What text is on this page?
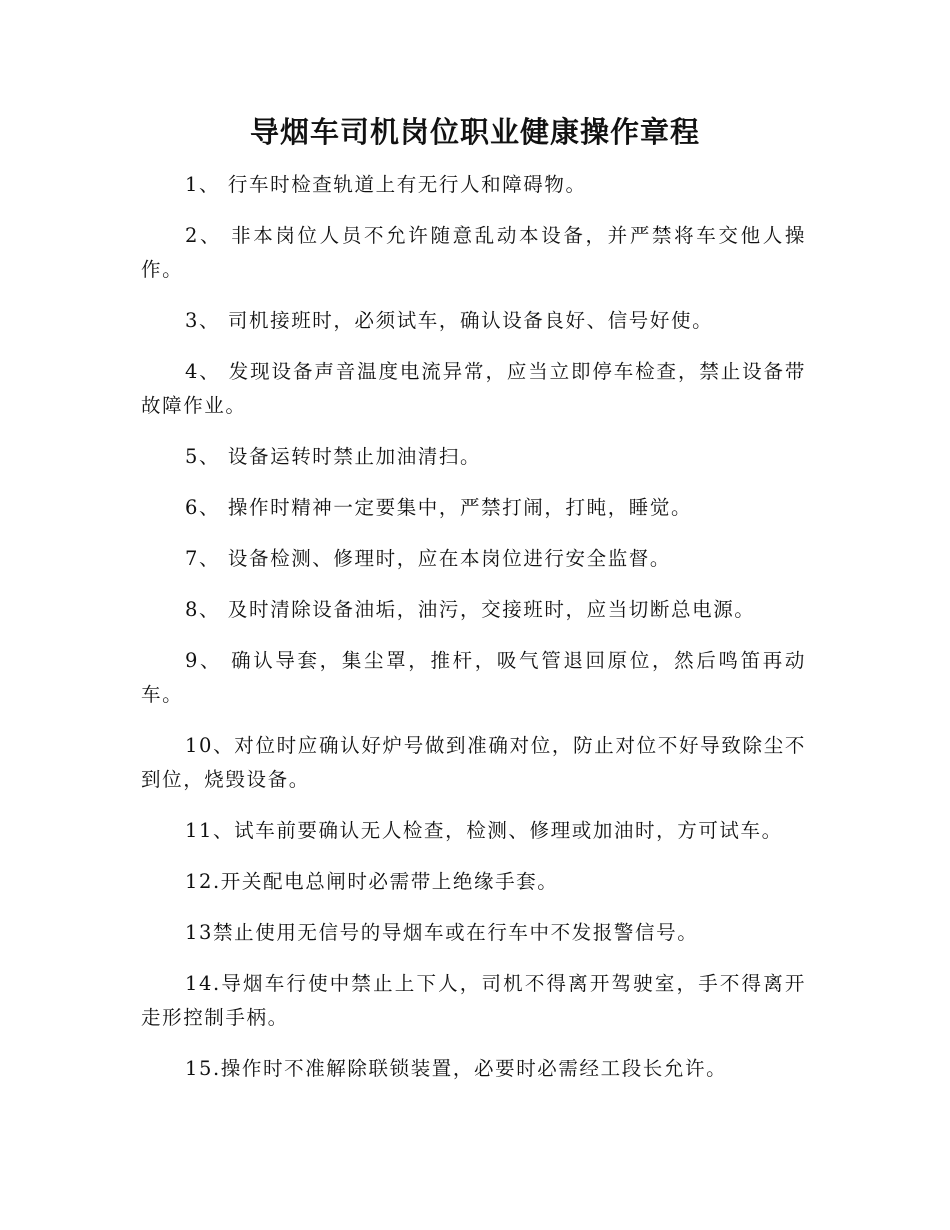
导烟车司机岗位职业健康操作章程

1、 行车时检查轨道上有无行人和障碍物。

2、 非本岗位人员不允许随意乱动本设备，并严禁将车交他人操作。

3、 司机接班时，必须试车，确认设备良好、信号好使。

4、 发现设备声音温度电流异常，应当立即停车检查，禁止设备带故障作业。

5、 设备运转时禁止加油清扫。

6、 操作时精神一定要集中，严禁打闹，打盹，睡觉。

7、 设备检测、修理时，应在本岗位进行安全监督。

8、 及时清除设备油垢，油污，交接班时，应当切断总电源。

9、 确认导套，集尘罩，推杆，吸气管退回原位，然后鸣笛再动车。

10、对位时应确认好炉号做到准确对位，防止对位不好导致除尘不到位，烧毁设备。

11、试车前要确认无人检查，检测、修理或加油时，方可试车。

12.开关配电总闸时必需带上绝缘手套。

13禁止使用无信号的导烟车或在行车中不发报警信号。

14.导烟车行使中禁止上下人，司机不得离开驾驶室，手不得离开走形控制手柄。

15.操作时不准解除联锁装置，必要时必需经工段长允许。
